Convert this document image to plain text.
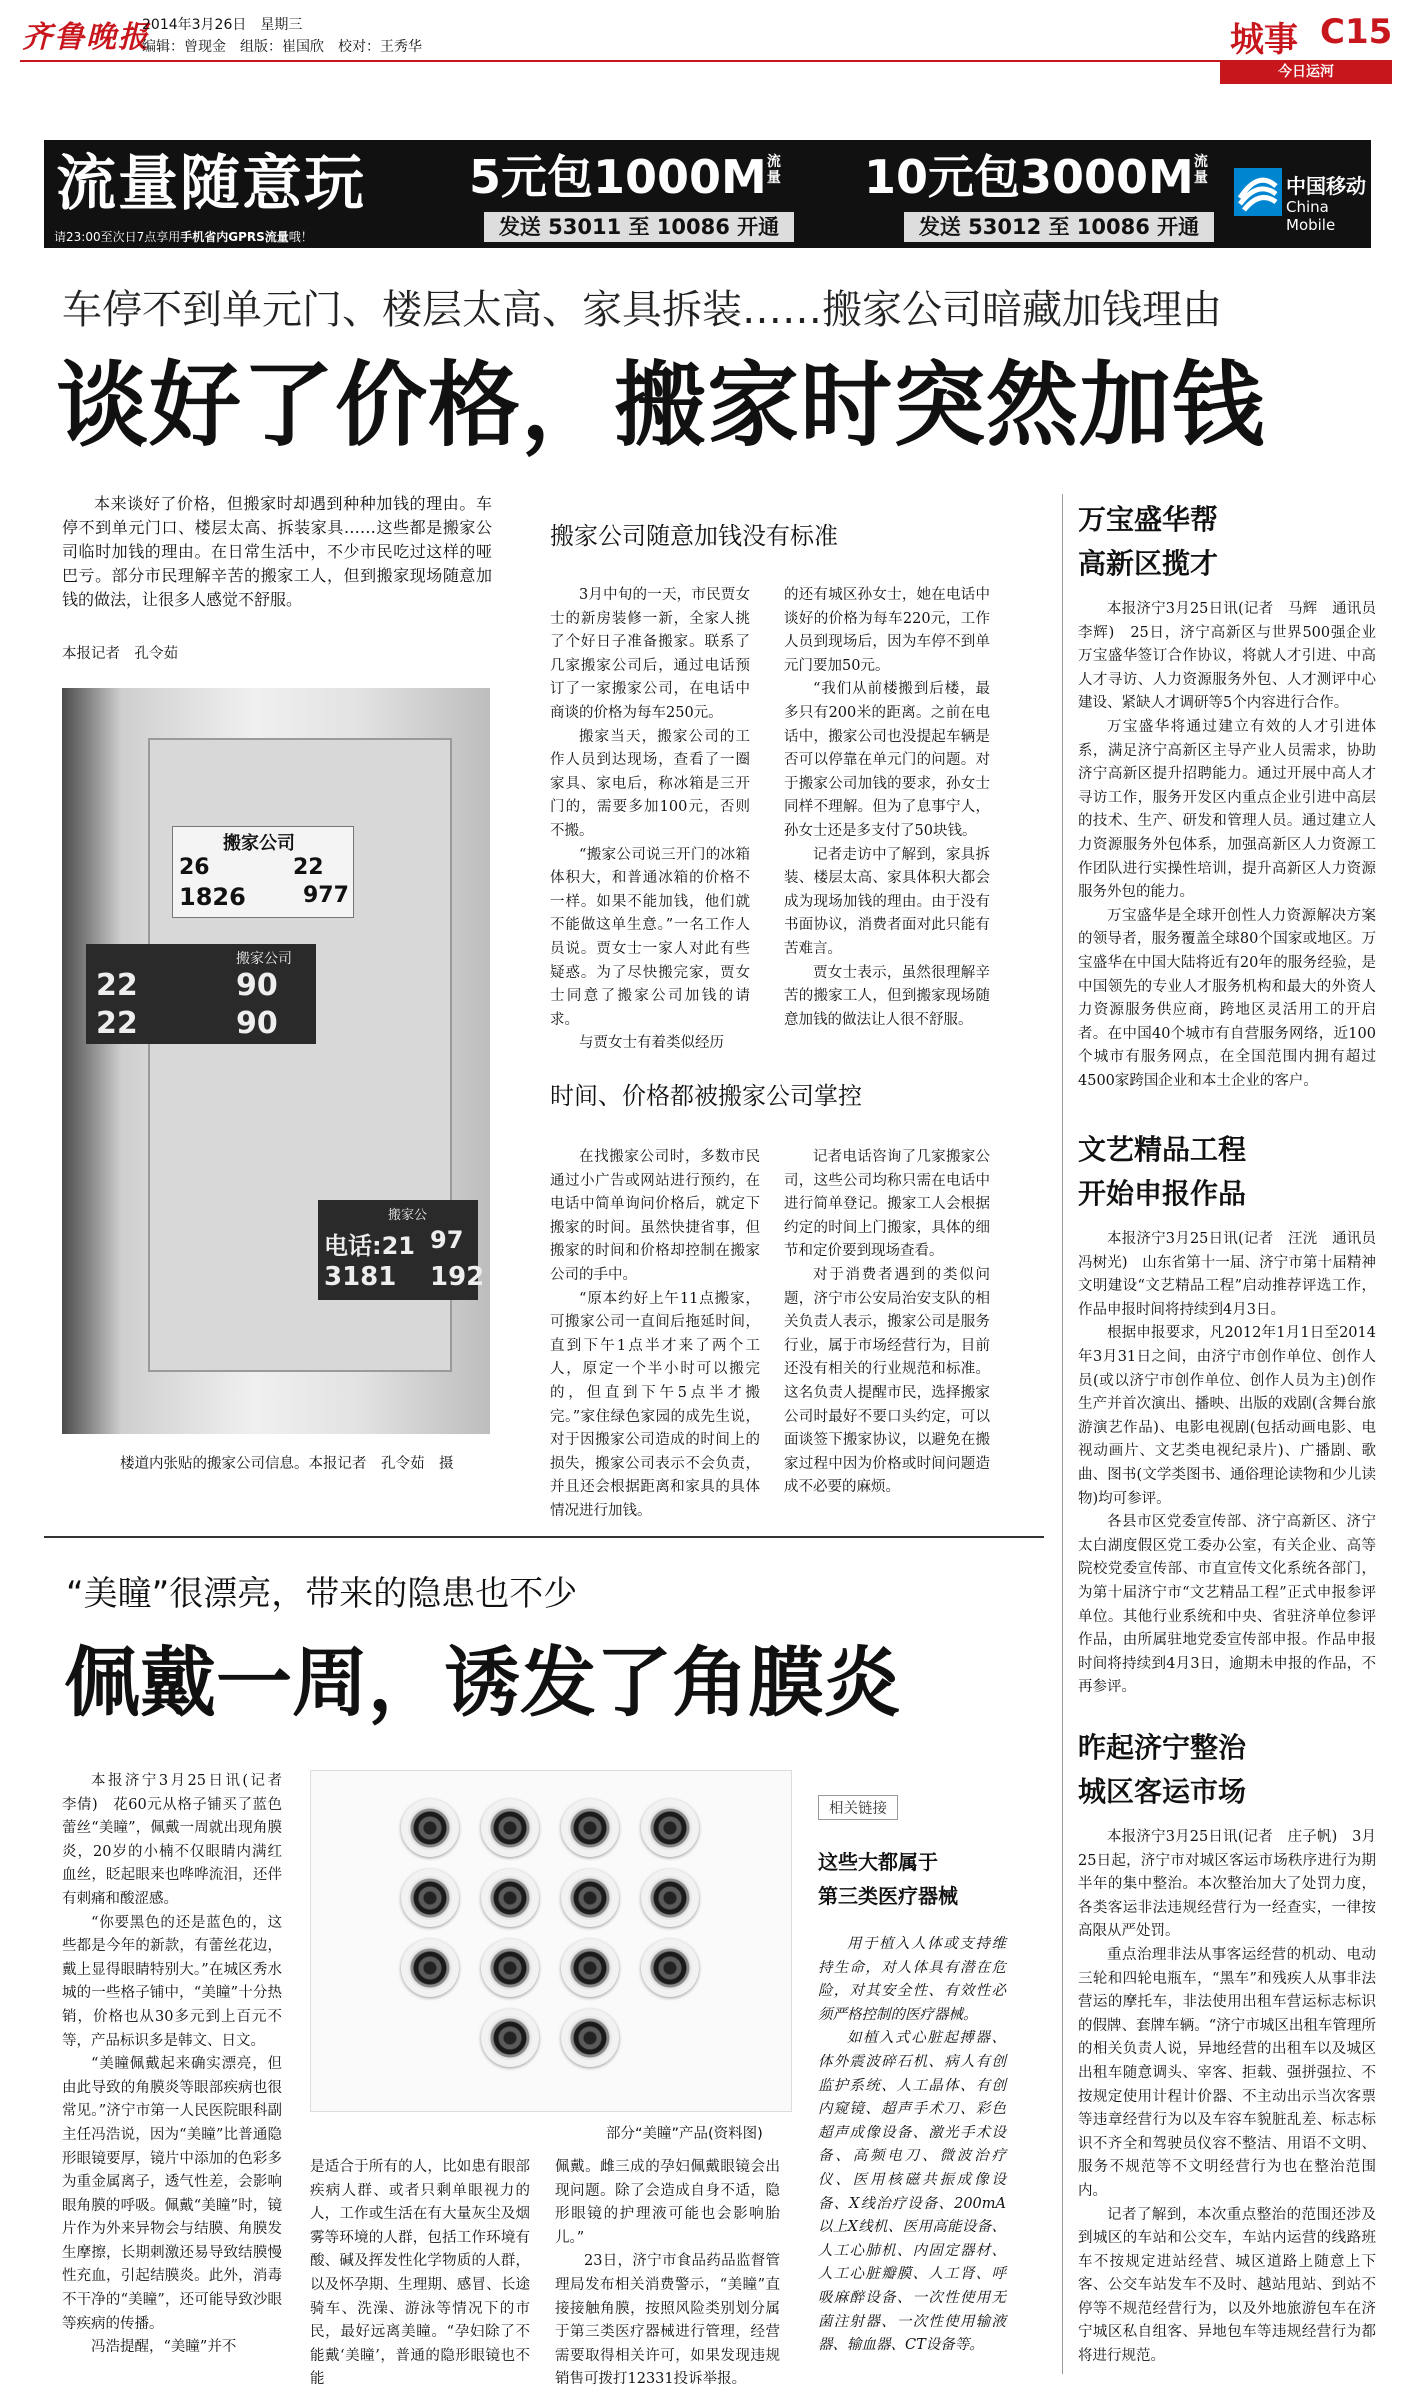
齐鲁晚报
2014年3月26日　星期三
编辑：曾现金　组版：崔国欣　校对：王秀华	城事 C15
今日运河
流量随意玩
请23:00至次日7点享用手机省内GPRS流量哦！
5元包1000M流量
发送 53011 至 10086 开通
10元包3000M流量
发送 53012 至 10086 开通
中国移动
China Mobile
车停不到单元门、楼层太高、家具拆装……搬家公司暗藏加钱理由
谈好了价格，搬家时突然加钱

本来谈好了价格，但搬家时却遇到种种加钱的理由。车停不到单元门口、楼层太高、拆装家具……这些都是搬家公司临时加钱的理由。在日常生活中，不少市民吃过这样的哑巴亏。部分市民理解辛苦的搬家工人，但到搬家现场随意加钱的做法，让很多人感觉不舒服。

本报记者　孔令茹
搬家公司
26	22
1826	977
搬家公司
22	90
22	90
搬家公
电话:21 97
3181 192
楼道内张贴的搬家公司信息。本报记者　孔令茹　摄
搬家公司随意加钱没有标准

3月中旬的一天，市民贾女士的新房装修一新，全家人挑了个好日子准备搬家。联系了几家搬家公司后，通过电话预订了一家搬家公司，在电话中商谈的价格为每车250元。

搬家当天，搬家公司的工作人员到达现场，查看了一圈家具、家电后，称冰箱是三开门的，需要多加100元，否则不搬。

“搬家公司说三开门的冰箱体积大，和普通冰箱的价格不一样。如果不能加钱，他们就不能做这单生意。”一名工作人员说。贾女士一家人对此有些疑惑。为了尽快搬完家，贾女士同意了搬家公司加钱的请求。

与贾女士有着类似经历

的还有城区孙女士，她在电话中谈好的价格为每车220元，工作人员到现场后，因为车停不到单元门要加50元。

“我们从前楼搬到后楼，最多只有200米的距离。之前在电话中，搬家公司也没提起车辆是否可以停靠在单元门的问题。对于搬家公司加钱的要求，孙女士同样不理解。但为了息事宁人，孙女士还是多支付了50块钱。

记者走访中了解到，家具拆装、楼层太高、家具体积大都会成为现场加钱的理由。由于没有书面协议，消费者面对此只能有苦难言。

贾女士表示，虽然很理解辛苦的搬家工人，但到搬家现场随意加钱的做法让人很不舒服。

时间、价格都被搬家公司掌控

在找搬家公司时，多数市民通过小广告或网站进行预约，在电话中简单询问价格后，就定下搬家的时间。虽然快捷省事，但搬家的时间和价格却控制在搬家公司的手中。

“原本约好上午11点搬家，可搬家公司一直间后拖延时间，直到下午1点半才来了两个工人，原定一个半小时可以搬完的，但直到下午5点半才搬完。”家住绿色家园的成先生说，对于因搬家公司造成的时间上的损失，搬家公司表示不会负责，并且还会根据距离和家具的具体情况进行加钱。

记者电话咨询了几家搬家公司，这些公司均称只需在电话中进行简单登记。搬家工人会根据约定的时间上门搬家，具体的细节和定价要到现场查看。

对于消费者遇到的类似问题，济宁市公安局治安支队的相关负责人表示，搬家公司是服务行业，属于市场经营行为，目前还没有相关的行业规范和标准。这名负责人提醒市民，选择搬家公司时最好不要口头约定，可以面谈签下搬家协议，以避免在搬家过程中因为价格或时间问题造成不必要的麻烦。

“美瞳”很漂亮，带来的隐患也不少
佩戴一周，诱发了角膜炎

本报济宁3月25日讯(记者　李倩)　花60元从格子铺买了蓝色蕾丝“美瞳”，佩戴一周就出现角膜炎，20岁的小楠不仅眼睛内满红血丝，眨起眼来也哗哗流泪，还伴有刺痛和酸涩感。

“你要黑色的还是蓝色的，这些都是今年的新款，有蕾丝花边，戴上显得眼睛特别大。”在城区秀水城的一些格子铺中，“美瞳”十分热销，价格也从30多元到上百元不等，产品标识多是韩文、日文。

“美瞳佩戴起来确实漂亮，但由此导致的角膜炎等眼部疾病也很常见。”济宁市第一人民医院眼科副主任冯浩说，因为“美瞳”比普通隐形眼镜要厚，镜片中添加的色彩多为重金属离子，透气性差，会影响眼角膜的呼吸。佩戴“美瞳”时，镜片作为外来异物会与结膜、角膜发生摩擦，长期刺激还易导致结膜慢性充血，引起结膜炎。此外，消毒不干净的“美瞳”，还可能导致沙眼等疾病的传播。

冯浩提醒，“美瞳”并不

部分“美瞳”产品(资料图)

是适合于所有的人，比如患有眼部疾病人群、或者只剩单眼视力的人，工作或生活在有大量灰尘及烟雾等环境的人群，包括工作环境有酸、碱及挥发性化学物质的人群，以及怀孕期、生理期、感冒、长途骑车、洗澡、游泳等情况下的市民，最好远离美瞳。“孕妇除了不能戴‘美瞳’，普通的隐形眼镜也不能

佩戴。雌三成的孕妇佩戴眼镜会出现问题。除了会造成自身不适，隐形眼镜的护理液可能也会影响胎儿。”

23日，济宁市食品药品监督管理局发布相关消费警示，“美瞳”直接接触角膜，按照风险类别划分属于第三类医疗器械进行管理，经营需要取得相关许可，如果发现违规销售可拨打12331投诉举报。

相关链接
这些大都属于
第三类医疗器械

用于植入人体或支持维持生命，对人体具有潜在危险，对其安全性、有效性必须严格控制的医疗器械。

如植入式心脏起搏器、体外震波碎石机、病人有创监护系统、人工晶体、有创内窥镜、超声手术刀、彩色超声成像设备、激光手术设备、高频电刀、微波治疗仪、医用核磁共振成像设备、X线治疗设备、200mA以上X线机、医用高能设备、人工心肺机、内固定器材、人工心脏瓣膜、人工肾、呼吸麻醉设备、一次性使用无菌注射器、一次性使用输液器、输血器、CT设备等。

万宝盛华帮
高新区揽才

本报济宁3月25日讯(记者　马辉　通讯员　李辉)　25日，济宁高新区与世界500强企业万宝盛华签订合作协议，将就人才引进、中高人才寻访、人力资源服务外包、人才测评中心建设、紧缺人才调研等5个内容进行合作。

万宝盛华将通过建立有效的人才引进体系，满足济宁高新区主导产业人员需求，协助济宁高新区提升招聘能力。通过开展中高人才寻访工作，服务开发区内重点企业引进中高层的技术、生产、研发和管理人员。通过建立人力资源服务外包体系，加强高新区人力资源工作团队进行实操性培训，提升高新区人力资源服务外包的能力。

万宝盛华是全球开创性人力资源解决方案的领导者，服务覆盖全球80个国家或地区。万宝盛华在中国大陆将近有20年的服务经验，是中国领先的专业人才服务机构和最大的外资人力资源服务供应商，跨地区灵活用工的开启者。在中国40个城市有自营服务网络，近100个城市有服务网点，在全国范围内拥有超过4500家跨国企业和本土企业的客户。

文艺精品工程
开始申报作品

本报济宁3月25日讯(记者　汪洸　通讯员　冯树光)　山东省第十一届、济宁市第十届精神文明建设“文艺精品工程”启动推荐评选工作，作品申报时间将持续到4月3日。

根据申报要求，凡2012年1月1日至2014年3月31日之间，由济宁市创作单位、创作人员(或以济宁市创作单位、创作人员为主)创作生产并首次演出、播映、出版的戏剧(含舞台旅游演艺作品)、电影电视剧(包括动画电影、电视动画片、文艺类电视纪录片)、广播剧、歌曲、图书(文学类图书、通俗理论读物和少儿读物)均可参评。

各县市区党委宣传部、济宁高新区、济宁太白湖度假区党工委办公室，有关企业、高等院校党委宣传部、市直宣传文化系统各部门，为第十届济宁市“文艺精品工程”正式申报参评单位。其他行业系统和中央、省驻济单位参评作品，由所属驻地党委宣传部申报。作品申报时间将持续到4月3日，逾期未申报的作品，不再参评。

昨起济宁整治
城区客运市场

本报济宁3月25日讯(记者　庄子帆)　3月25日起，济宁市对城区客运市场秩序进行为期半年的集中整治。本次整治加大了处罚力度，各类客运非法违规经营行为一经查实，一律按高限从严处罚。

重点治理非法从事客运经营的机动、电动三轮和四轮电瓶车，“黑车”和残疾人从事非法营运的摩托车，非法使用出租车营运标志标识的假牌、套牌车辆。“济宁市城区出租车管理所的相关负责人说，异地经营的出租车以及城区出租车随意调头、宰客、拒载、强拼强拉、不按规定使用计程计价器、不主动出示当次客票等违章经营行为以及车容车貌脏乱差、标志标识不齐全和驾驶员仪容不整洁、用语不文明、服务不规范等不文明经营行为也在整治范围内。

记者了解到，本次重点整治的范围还涉及到城区的车站和公交车，车站内运营的线路班车不按规定进站经营、城区道路上随意上下客、公交车站发车不及时、越站甩站、到站不停等不规范经营行为，以及外地旅游包车在济宁城区私自组客、异地包车等违规经营行为都将进行规范。
